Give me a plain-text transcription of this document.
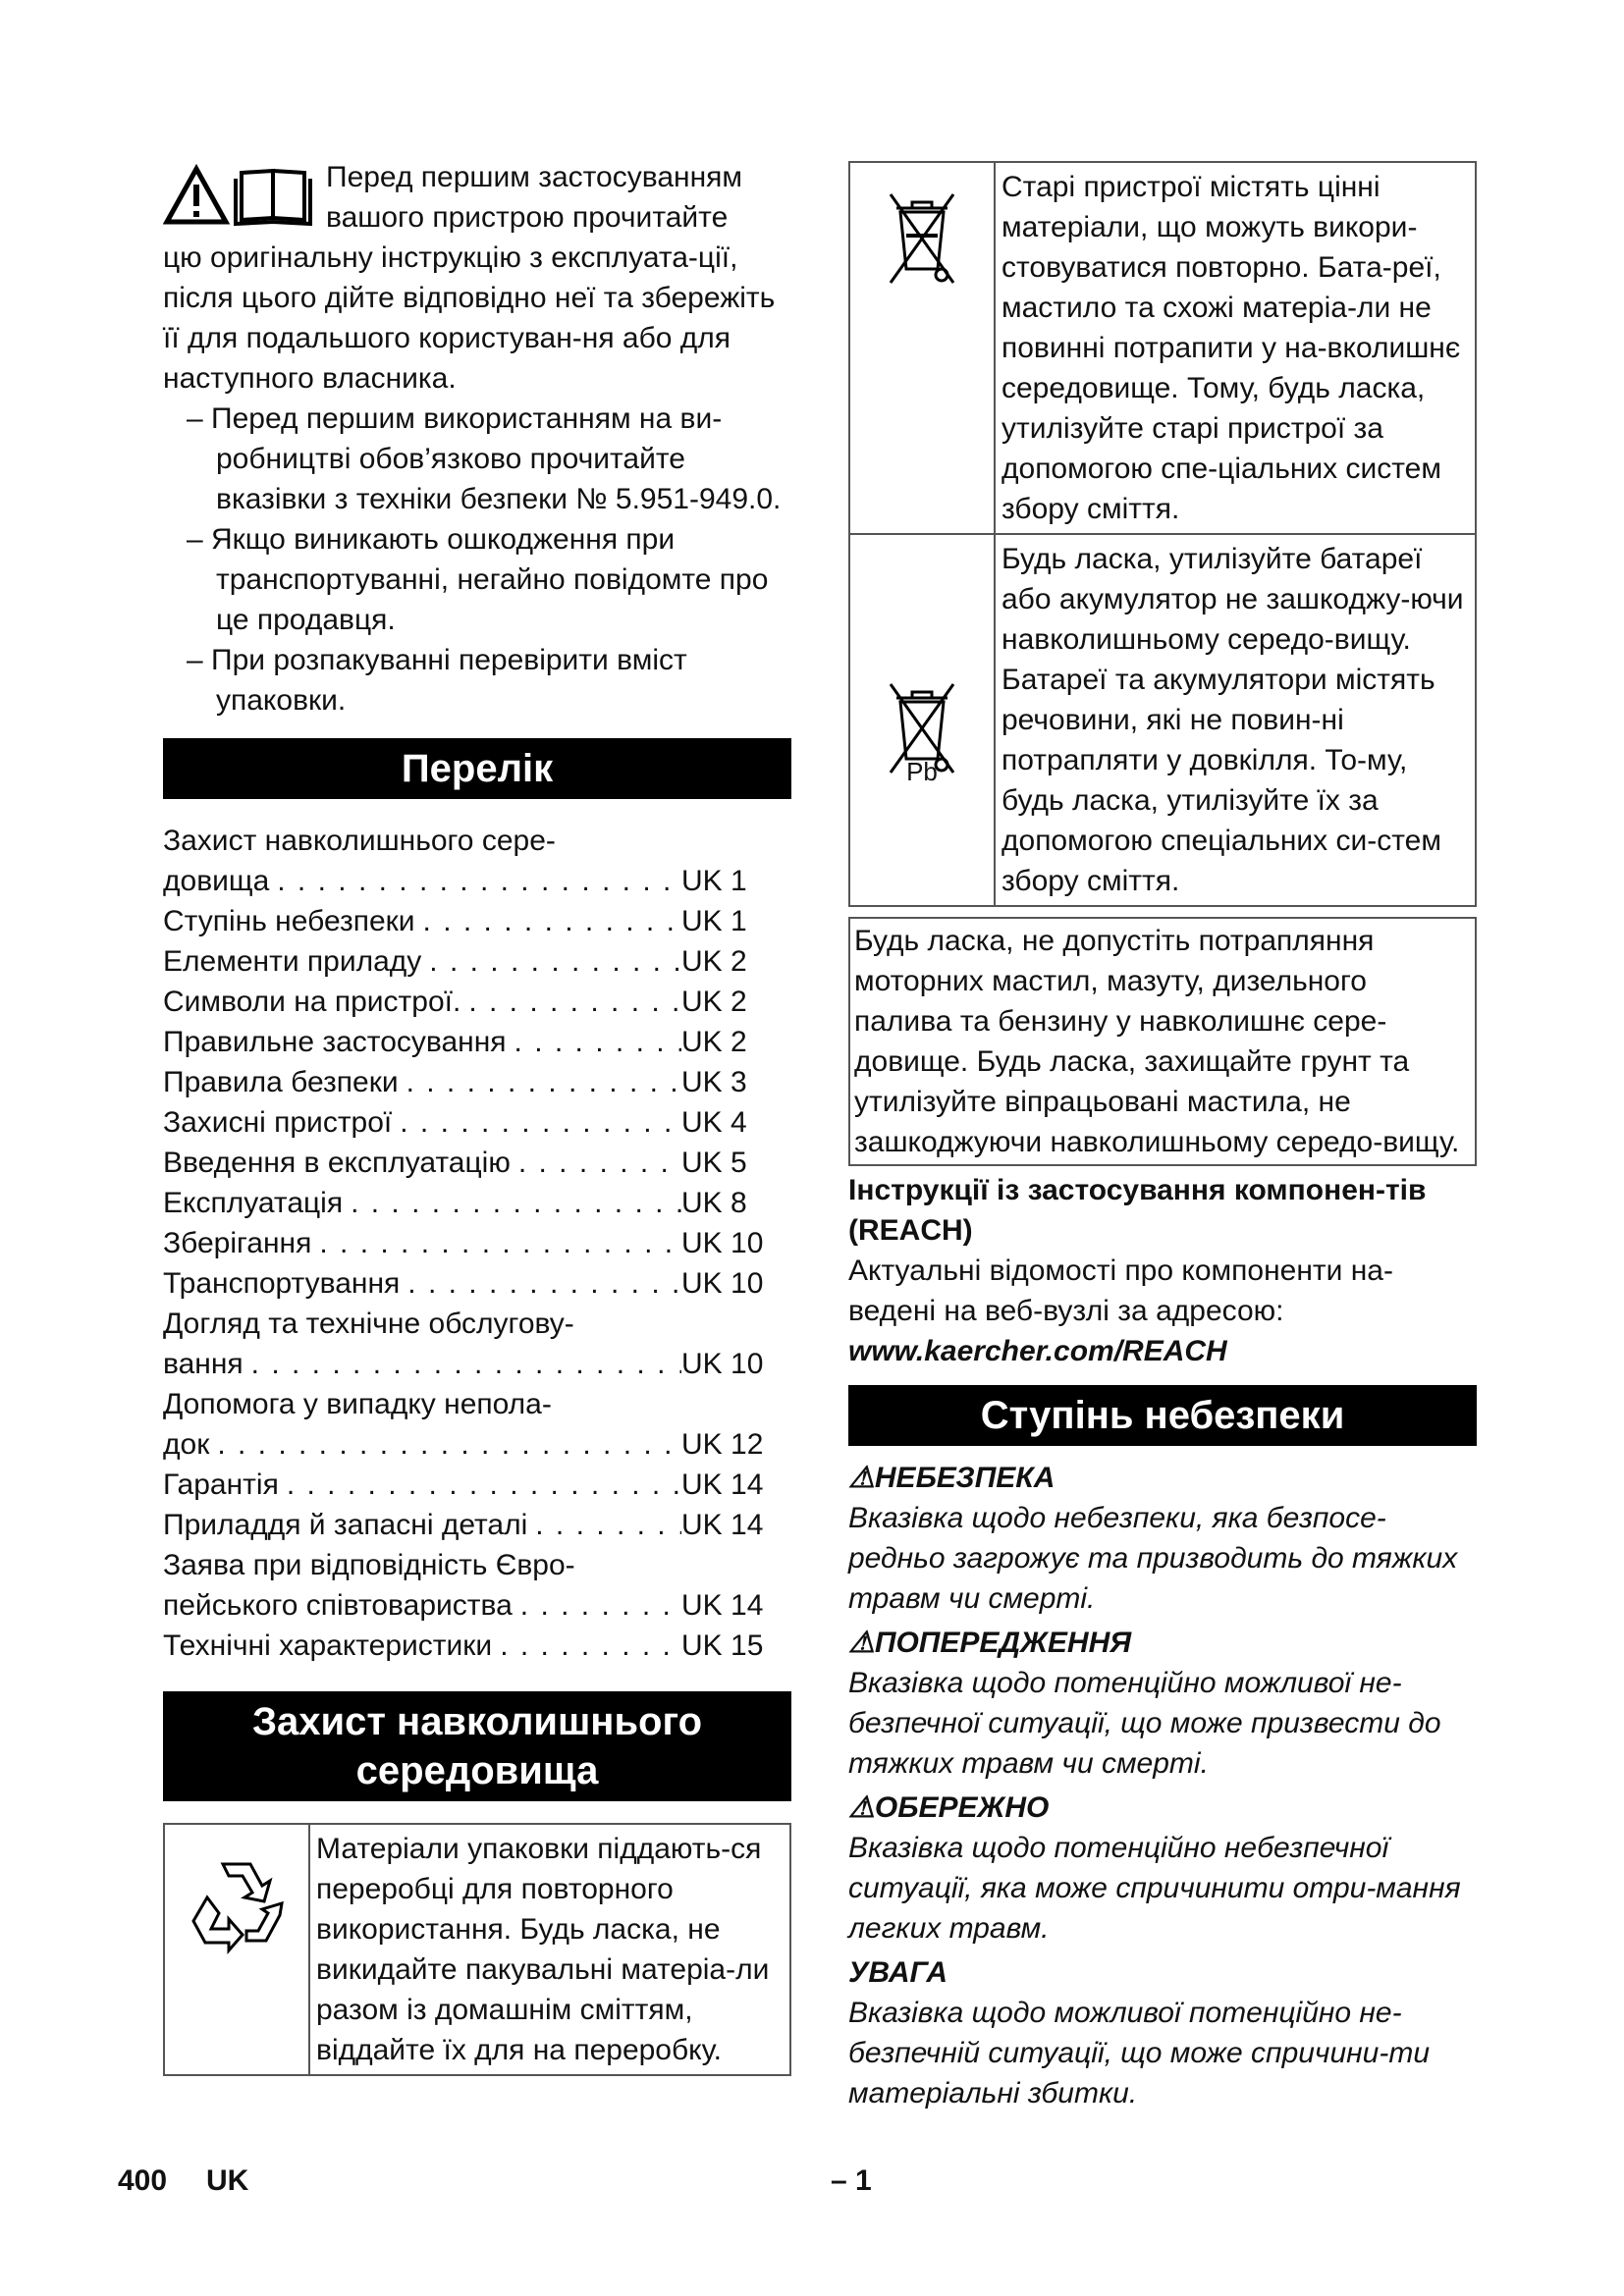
Перед першим застосуванням

вашого пристрою прочитайте

цю оригінальну інструкцію з експлуата-ції, після цього дійте відповідно неї та збережіть її для подальшого користуван-ня або для наступного власника.

– Перед першим використанням на ви-робництві обов’язково прочитайте вказівки з техніки безпеки № 5.951-949.0.

– Якщо виникають ошкодження при транспортуванні, негайно повідомте про це продавця.

– При розпакуванні перевірити вміст упаковки.

Перелік
Захист навколишнього сере-
довища . . .	UK 1
Ступінь небезпеки . . .	UK 1
Елементи приладу . . .	UK 2
Символи на пристрої. . . .	UK 2
Правильне застосування . . .	UK 2
Правила безпеки . . .	UK 3
Захисні пристрої . . .	UK 4
Введення в експлуатацію . . .	UK 5
Експлуатація . . .	UK 8
Зберігання . . .	UK 10
Транспортування . . .	UK 10
Догляд та технічне обслугову-
вання . . .	UK 10
Допомога у випадку непола-
док . . .	UK 12
Гарантія . . .	UK 14
Приладдя й запасні деталі . . .	UK 14
Заява при відповідність Євро-
пейського співтовариства . . .	UK 14
Технічні характеристики . . .	UK 15
Захист навколишнього
середовища
Матеріали упаковки піддають-ся переробці для повторного використання. Будь ласка, не викидайте пакувальні матеріа-ли разом із домашнім сміттям, віддайте їх для на переробку.
Старі пристрої містять цінні матеріали, що можуть викори-стовуватися повторно. Бата-реї, мастило та схожі матеріа-ли не повинні потрапити у на-вколишнє середовище. Тому, будь ласка, утилізуйте старі пристрої за допомогою спе-ціальних систем збору сміття.
Pb
Будь ласка, утилізуйте батареї або акумулятор не зашкоджу-ючи навколишньому середо-вищу. Батареї та акумулятори містять речовини, які не повин-ні потрапляти у довкілля. То-му, будь ласка, утилізуйте їх за допомогою спеціальних си-стем збору сміття.
Будь ласка, не допустіть потрапляння моторних мастил, мазуту, дизельного палива та бензину у навколишнє сере-довище. Будь ласка, захищайте грунт та утилізуйте віпрацьовані мастила, не зашкоджуючи навколишньому середо-вищу.

Інструкції із застосування компонен-тів (REACH)

Актуальні відомості про компоненти на-ведені на веб-вузлі за адресою:

www.kaercher.com/REACH

Ступінь небезпеки
⚠НЕБЕЗПЕКА
Вказівка щодо небезпеки, яка безпосе-редньо загрожує та призводить до тяжких травм чи смерті.
⚠ПОПЕРЕДЖЕННЯ
Вказівка щодо потенційно можливої не-безпечної ситуації, що може призвести до тяжких травм чи смерті.
⚠ОБЕРЕЖНО
Вказівка щодо потенційно небезпечної ситуації, яка може спричинити отри-мання легких травм.
УВАГА
Вказівка щодо можливої потенційно не-безпечній ситуації, що може спричини-ти матеріальні збитки.
400 UK	– 1
